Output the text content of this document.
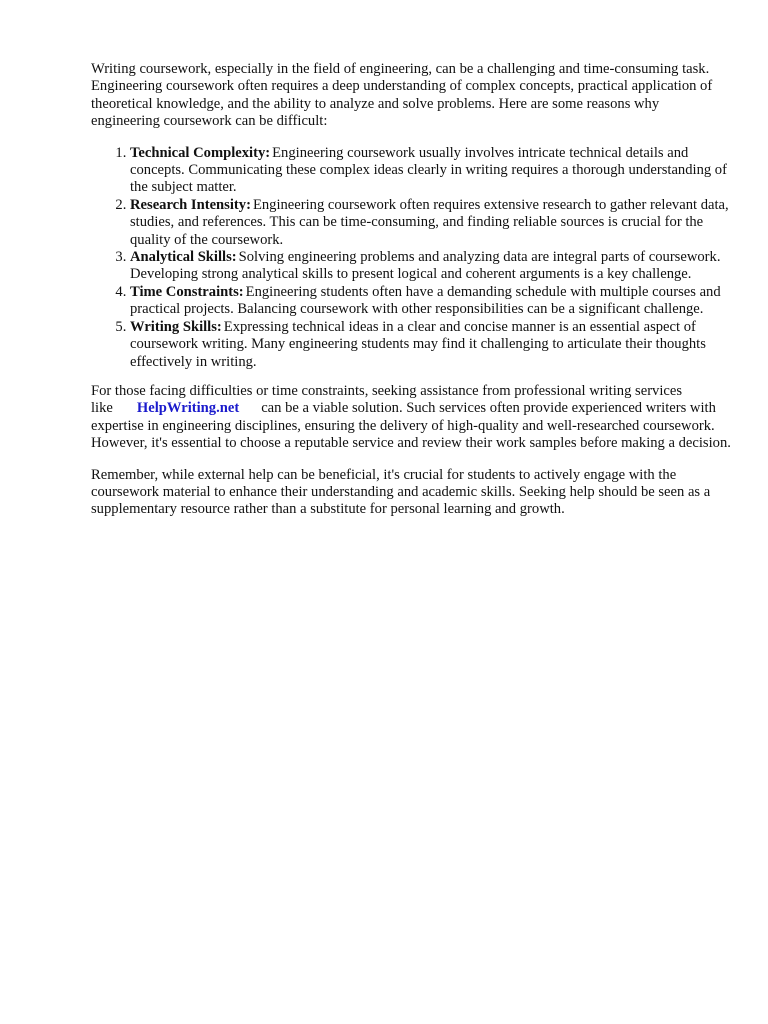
Writing coursework, especially in the field of engineering, can be a challenging and time-consuming task. Engineering coursework often requires a deep understanding of complex concepts, practical application of theoretical knowledge, and the ability to analyze and solve problems. Here are some reasons why engineering coursework can be difficult:

1. Technical Complexity: Engineering coursework usually involves intricate technical details and concepts. Communicating these complex ideas clearly in writing requires a thorough understanding of the subject matter.
2. Research Intensity: Engineering coursework often requires extensive research to gather relevant data, studies, and references. This can be time-consuming, and finding reliable sources is crucial for the quality of the coursework.
3. Analytical Skills: Solving engineering problems and analyzing data are integral parts of coursework. Developing strong analytical skills to present logical and coherent arguments is a key challenge.
4. Time Constraints: Engineering students often have a demanding schedule with multiple courses and practical projects. Balancing coursework with other responsibilities can be a significant challenge.
5. Writing Skills: Expressing technical ideas in a clear and concise manner is an essential aspect of coursework writing. Many engineering students may find it challenging to articulate their thoughts effectively in writing.

For those facing difficulties or time constraints, seeking assistance from professional writing services like HelpWriting.net can be a viable solution. Such services often provide experienced writers with expertise in engineering disciplines, ensuring the delivery of high-quality and well-researched coursework. However, it's essential to choose a reputable service and review their work samples before making a decision.

Remember, while external help can be beneficial, it's crucial for students to actively engage with the coursework material to enhance their understanding and academic skills. Seeking help should be seen as a supplementary resource rather than a substitute for personal learning and growth.
